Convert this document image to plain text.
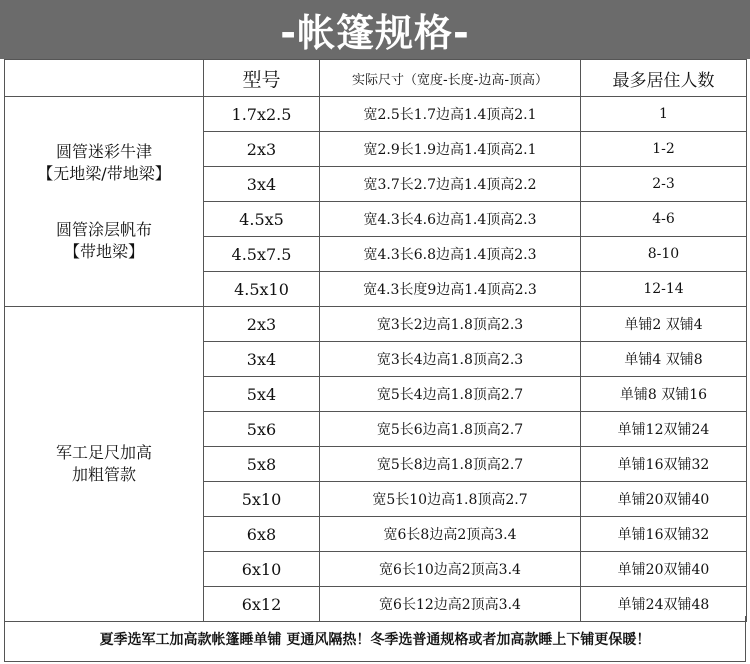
-帐篷规格-
	型号	实际尺寸（宽度-长度-边高-顶高）	最多居住人数

圆管迷彩牛津
【无地梁/带地梁】
圆管涂层帆布
【带地梁】	1.7x2.5	宽2.5长1.7边高1.4顶高2.1	1
	2x3	宽2.9长1.9边高1.4顶高2.1	1-2
	3x4	宽3.7长2.7边高1.4顶高2.2	2-3
	4.5x5	宽4.3长4.6边高1.4顶高2.3	4-6
	4.5x7.5	宽4.3长6.8边高1.4顶高2.3	8-10
	4.5x10	宽4.3长度9边高1.4顶高2.3	12-14

军工足尺加高
加粗管款	2x3	宽3长2边高1.8顶高2.3	单铺2 双铺4
	3x4	宽3长4边高1.8顶高2.3	单铺4 双铺8
	5x4	宽5长4边高1.8顶高2.7	单铺8 双铺16
	5x6	宽5长6边高1.8顶高2.7	单铺12双铺24
	5x8	宽5长8边高1.8顶高2.7	单铺16双铺32
	5x10	宽5长10边高1.8顶高2.7	单铺20双铺40
	6x8	宽6长8边高2顶高3.4	单铺16双铺32
	6x10	宽6长10边高2顶高3.4	单铺20双铺40
	6x12	宽6长12边高2顶高3.4	单铺24双铺48
夏季选军工加高款帐篷睡单铺 更通风隔热！冬季选普通规格或者加高款睡上下铺更保暖！
